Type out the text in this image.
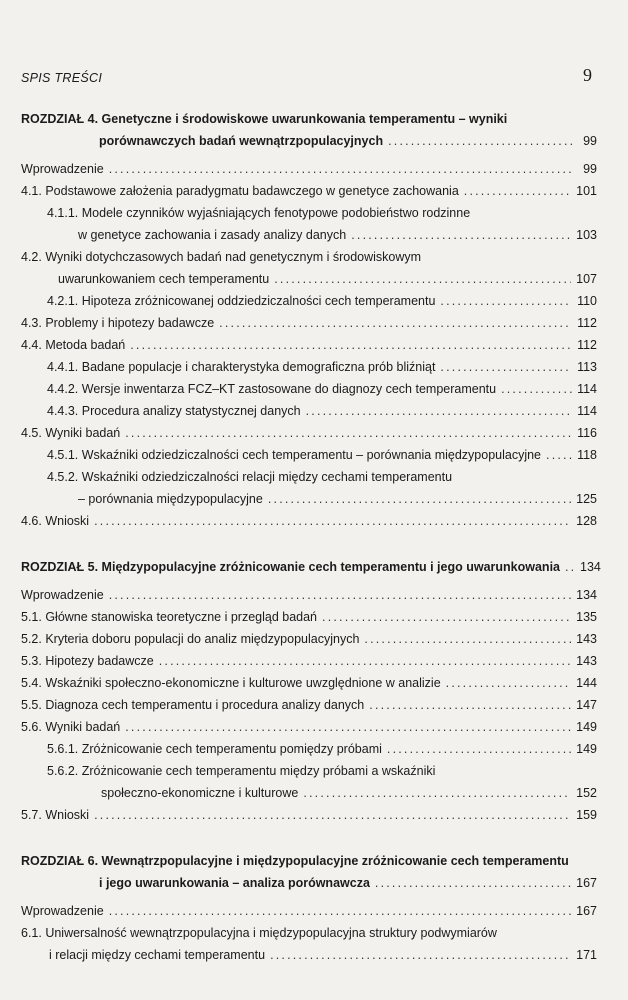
SPIS TREŚCI	9
ROZDZIAŁ 4. Genetyczne i środowiskowe uwarunkowania temperamentu – wyniki
porównawczych badań wewnątrzpopulacyjnych .....	99
Wprowadzenie .....	99
4.1. Podstawowe założenia paradygmatu badawczego w genetyce zachowania .....	101
4.1.1. Modele czynników wyjaśniających fenotypowe podobieństwo rodzinne
w genetyce zachowania i zasady analizy danych .....	103
4.2. Wyniki dotychczasowych badań nad genetycznym i środowiskowym
uwarunkowaniem cech temperamentu .....	107
4.2.1. Hipoteza zróżnicowanej oddziedziczalności cech temperamentu .....	110
4.3. Problemy i hipotezy badawcze .....	112
4.4. Metoda badań .....	112
4.4.1. Badane populacje i charakterystyka demograficzna prób bliźniąt .....	113
4.4.2. Wersje inwentarza FCZ–KT zastosowane do diagnozy cech temperamentu .....	114
4.4.3. Procedura analizy statystycznej danych .....	114
4.5. Wyniki badań .....	116
4.5.1. Wskaźniki odziedziczalności cech temperamentu – porównania międzypopulacyjne .....	118
4.5.2. Wskaźniki odziedziczalności relacji między cechami temperamentu
– porównania międzypopulacyjne .....	125
4.6. Wnioski .....	128
ROZDZIAŁ 5. Międzypopulacyjne zróżnicowanie cech temperamentu i jego uwarunkowania ..... 134
Wprowadzenie .....	134
5.1. Główne stanowiska teoretyczne i przegląd badań .....	135
5.2. Kryteria doboru populacji do analiz międzypopulacyjnych .....	143
5.3. Hipotezy badawcze .....	143
5.4. Wskaźniki społeczno-ekonomiczne i kulturowe uwzględnione w analizie .....	144
5.5. Diagnoza cech temperamentu i procedura analizy danych .....	147
5.6. Wyniki badań .....	149
5.6.1. Zróżnicowanie cech temperamentu pomiędzy próbami .....	149
5.6.2. Zróżnicowanie cech temperamentu między próbami a wskaźniki
społeczno-ekonomiczne i kulturowe .....	152
5.7. Wnioski .....	159
ROZDZIAŁ 6. Wewnątrzpopulacyjne i międzypopulacyjne zróżnicowanie cech temperamentu
i jego uwarunkowania – analiza porównawcza .....	167
Wprowadzenie .....	167
6.1. Uniwersalność wewnątrzpopulacyjna i międzypopulacyjna struktury podwymiarów
i relacji między cechami temperamentu .....	171
